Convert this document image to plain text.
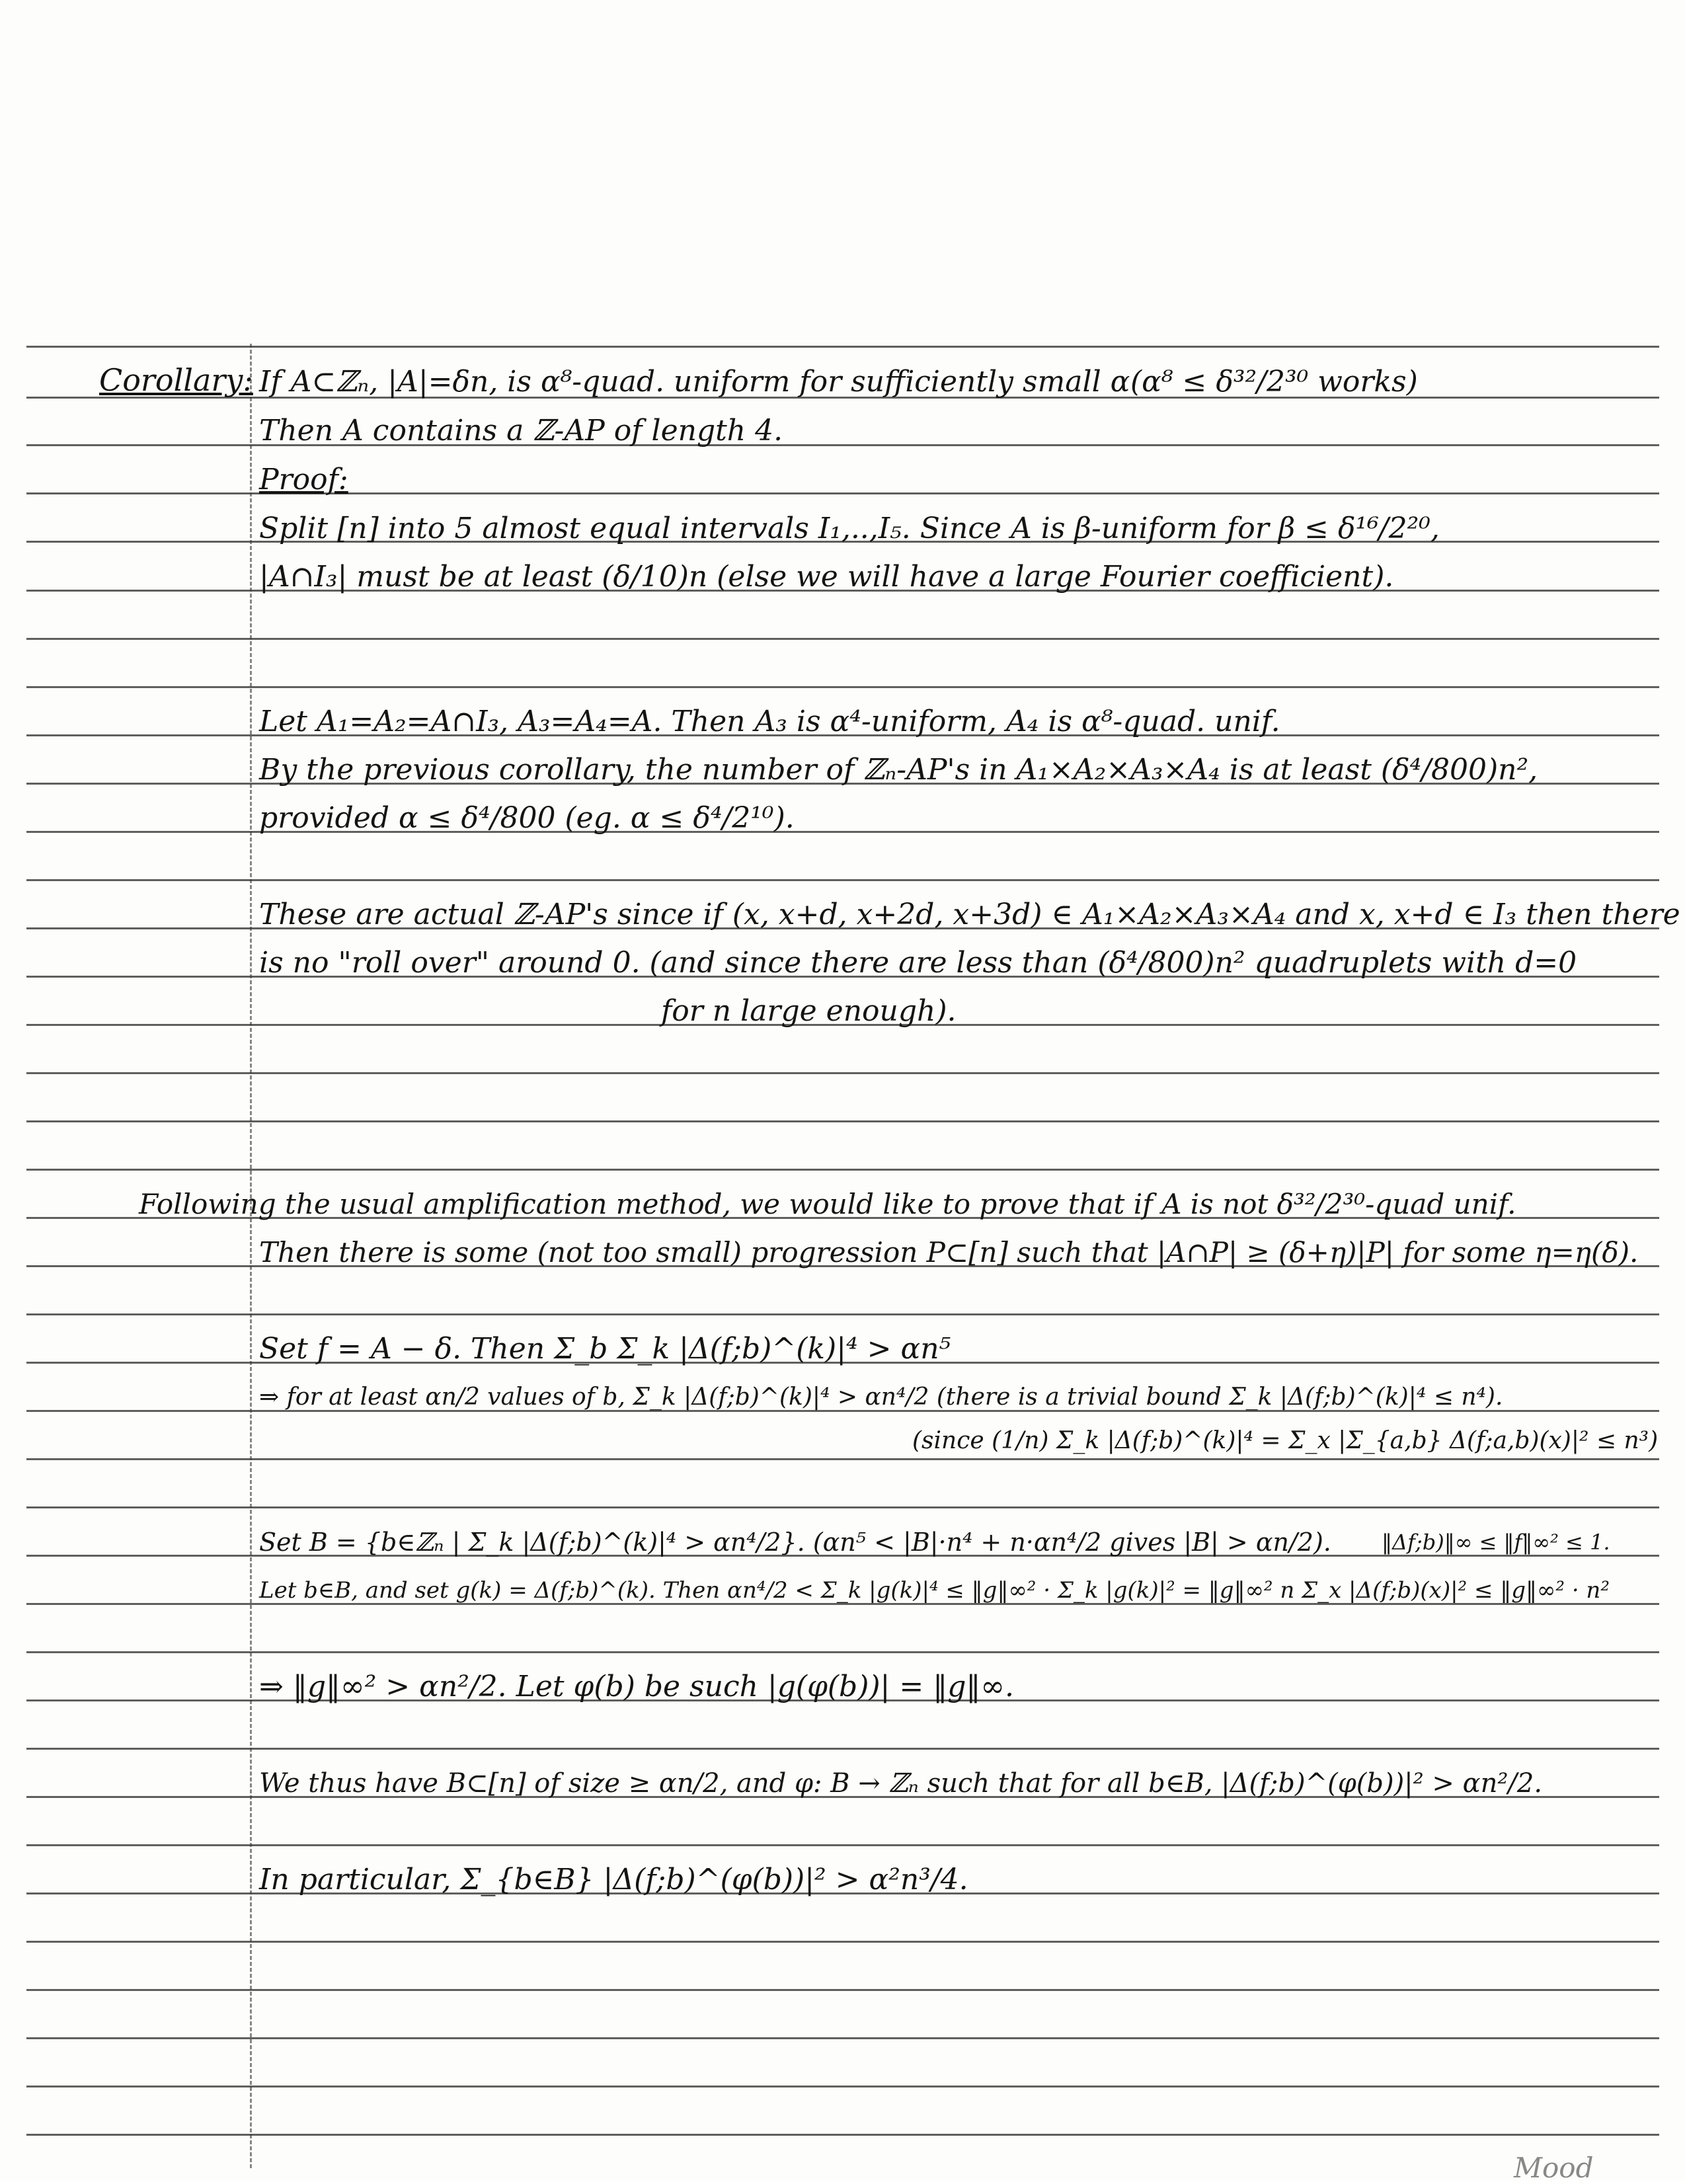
Corollary: If A⊂ℤₙ, |A|=δn, is α⁸-quad. uniform for sufficiently small α (α⁸ ≤ δ³²/2³⁰ works)
Then A contains a ℤ-AP of length 4.
Proof:
Split [n] into 5 almost equal intervals I₁,..,I₅. Since A is β-uniform for β ≤ δ¹⁶/2²⁰,
|A∩I₃| must be at least (δ/10)n (else we will have a large Fourier coefficient).
Let A₁=A₂=A∩I₃, A₃=A₄=A. Then A₃ is α⁴-uniform, A₄ is α⁸-quad. unif.
By the previous corollary, the number of ℤₙ-AP's in A₁×A₂×A₃×A₄ is at least (δ⁴/800)n²,
provided α ≤ δ⁴/800 (eg. α ≤ δ⁴/2¹⁰).
These are actual ℤ-AP's since if (x, x+d, x+2d, x+3d) ∈ A₁×A₂×A₃×A₄ and x, x+d ∈ I₃ then there
is no "roll over" around 0. (and since there are less than (δ⁴/800)n² quadruplets with d=0
for n large enough).
Following the usual amplification method, we would like to prove that if A is not δ³²/2³⁰-quad unif.
Then there is some (not too small) progression P⊂[n] such that |A∩P| ≥ (δ+η)|P| for some η=η(δ).
Set f = A − δ. Then Σ_b Σ_k |Δ(f;b)^(k)|⁴ > αn⁵
⇒ for at least αn/2 values of b, Σ_k |Δ(f;b)^(k)|⁴ > αn⁴/2 (there is a trivial bound Σ_k |Δ(f;b)^(k)|⁴ ≤ n⁴).
(since (1/n) Σ_k |Δ(f;b)^(k)|⁴ = Σ_x |Σ_{a,b} Δ(f;a,b)(x)|² ≤ n³)
Set B = {b∈ℤₙ | Σ_k |Δ(f;b)^(k)|⁴ > αn⁴/2}. (αn⁵ < |B|·n⁴ + n·αn⁴/2 gives |B| > αn/2). ‖Δf;b)‖∞ ≤ ‖f‖∞² ≤ 1.
Let b∈B, and set g(k) = Δ(f;b)^(k). Then αn⁴/2 < Σ_k |g(k)|⁴ ≤ ‖g‖∞² · Σ_k |g(k)|² = ‖g‖∞² n Σ_x |Δ(f;b)(x)|² ≤ ‖g‖∞² · n²
⇒ ‖g‖∞² > αn²/2. Let φ(b) be such |g(φ(b))| = ‖g‖∞.
We thus have B⊂[n] of size ≥ αn/2, and φ: B → ℤₙ such that for all b∈B, |Δ(f;b)^(φ(b))|² > αn²/2.
In particular, Σ_{b∈B} |Δ(f;b)^(φ(b))|² > α²n³/4.
Mood
